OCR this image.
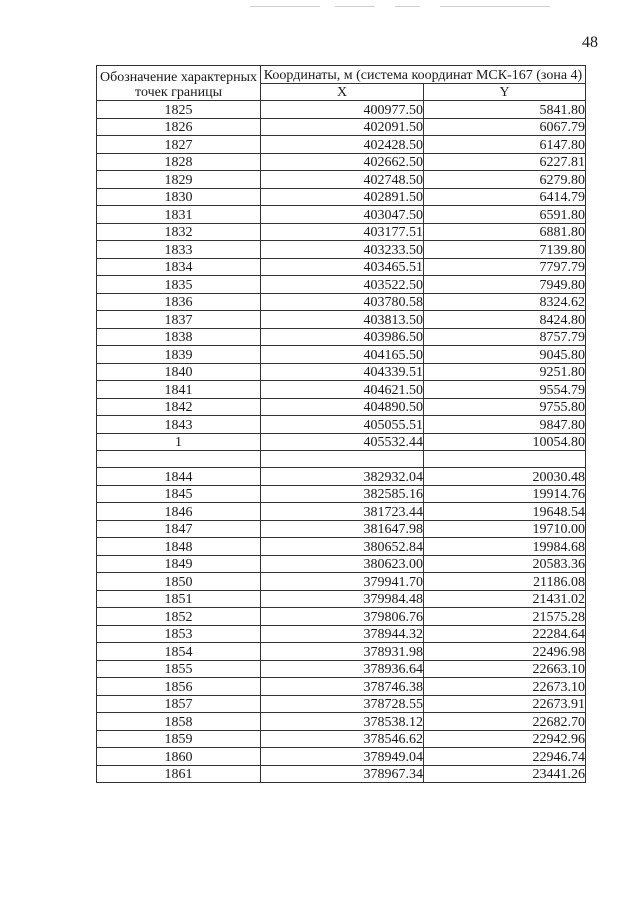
48
Обозначение характерных точек границы	Координаты, м (система координат МСК-167 (зона 4)	
	X	Y
1825	400977.50	5841.80
1826	402091.50	6067.79
1827	402428.50	6147.80
1828	402662.50	6227.81
1829	402748.50	6279.80
1830	402891.50	6414.79
1831	403047.50	6591.80
1832	403177.51	6881.80
1833	403233.50	7139.80
1834	403465.51	7797.79
1835	403522.50	7949.80
1836	403780.58	8324.62
1837	403813.50	8424.80
1838	403986.50	8757.79
1839	404165.50	9045.80
1840	404339.51	9251.80
1841	404621.50	9554.79
1842	404890.50	9755.80
1843	405055.51	9847.80
1	405532.44	10054.80

1844	382932.04	20030.48
1845	382585.16	19914.76
1846	381723.44	19648.54
1847	381647.98	19710.00
1848	380652.84	19984.68
1849	380623.00	20583.36
1850	379941.70	21186.08
1851	379984.48	21431.02
1852	379806.76	21575.28
1853	378944.32	22284.64
1854	378931.98	22496.98
1855	378936.64	22663.10
1856	378746.38	22673.10
1857	378728.55	22673.91
1858	378538.12	22682.70
1859	378546.62	22942.96
1860	378949.04	22946.74
1861	378967.34	23441.26
